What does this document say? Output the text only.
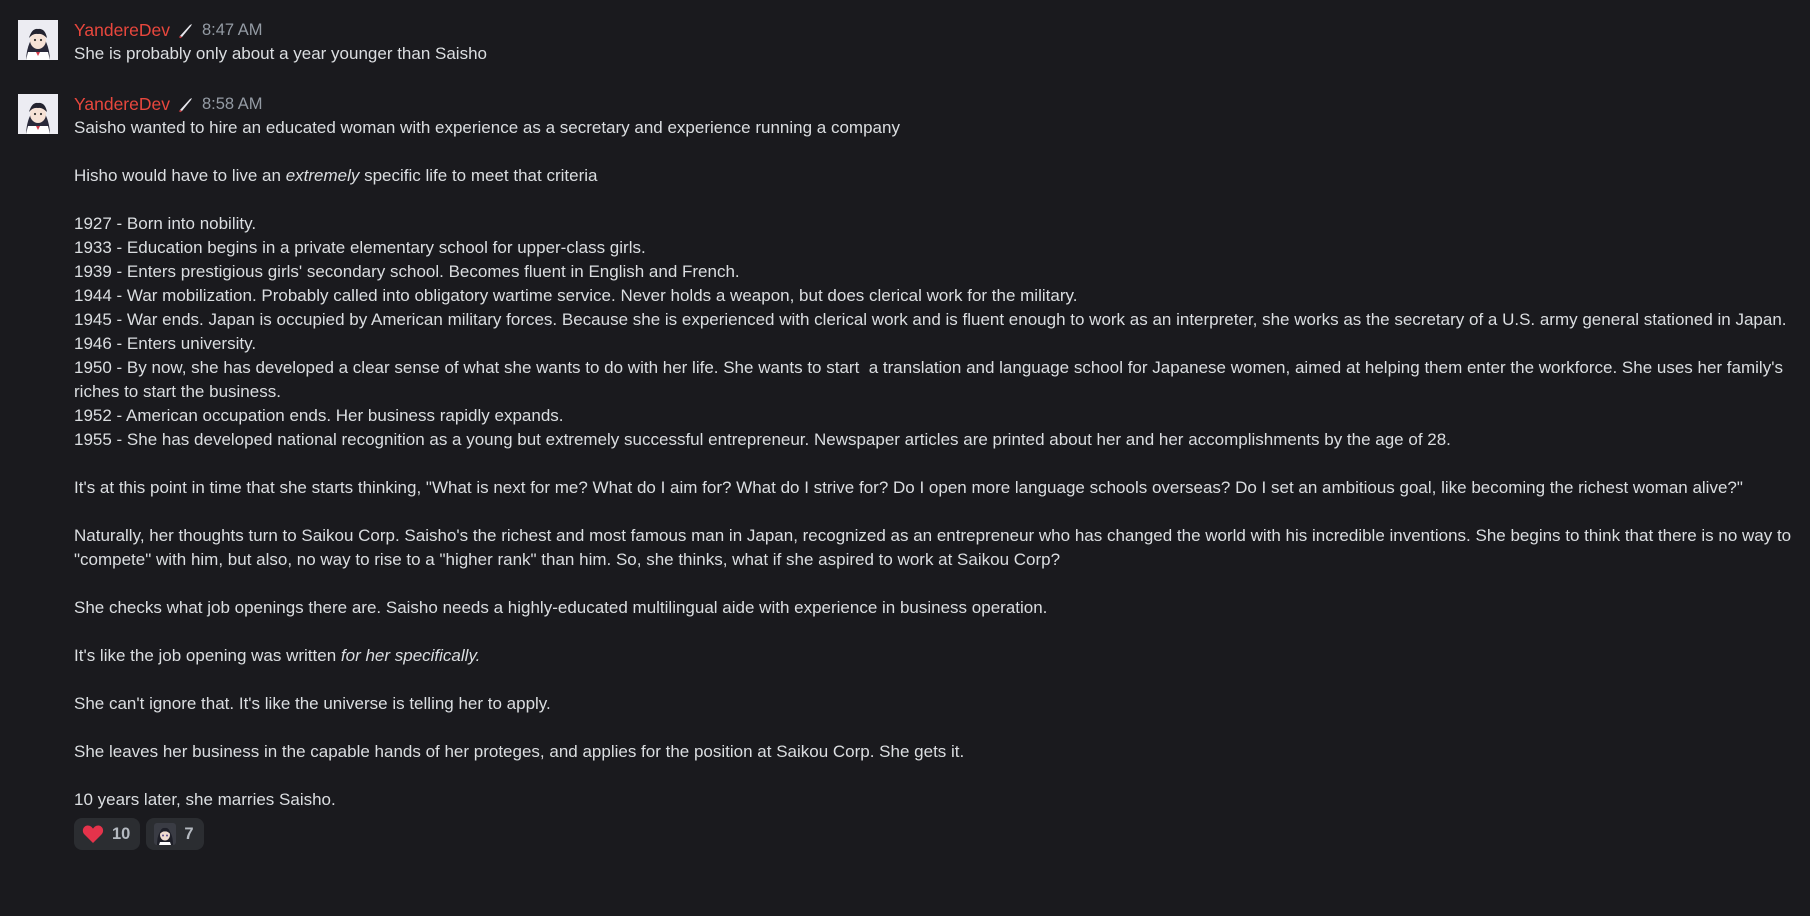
YandereDev 8:47 AM
She is probably only about a year younger than Saisho
YandereDev 8:58 AM
Saisho wanted to hire an educated woman with experience as a secretary and experience running a company
Hisho would have to live an extremely specific life to meet that criteria
1927 - Born into nobility.
1933 - Education begins in a private elementary school for upper-class girls.
1939 - Enters prestigious girls' secondary school. Becomes fluent in English and French.
1944 - War mobilization. Probably called into obligatory wartime service. Never holds a weapon, but does clerical work for the military.
1945 - War ends. Japan is occupied by American military forces. Because she is experienced with clerical work and is fluent enough to work as an interpreter, she works as the secretary of a U.S. army general stationed in Japan.
1946 - Enters university.
1950 - By now, she has developed a clear sense of what she wants to do with her life. She wants to start  a translation and language school for Japanese women, aimed at helping them enter the workforce. She uses her family's riches to start the business.
1952 - American occupation ends. Her business rapidly expands.
1955 - She has developed national recognition as a young but extremely successful entrepreneur. Newspaper articles are printed about her and her accomplishments by the age of 28.
It's at this point in time that she starts thinking, "What is next for me? What do I aim for? What do I strive for? Do I open more language schools overseas? Do I set an ambitious goal, like becoming the richest woman alive?"
Naturally, her thoughts turn to Saikou Corp. Saisho's the richest and most famous man in Japan, recognized as an entrepreneur who has changed the world with his incredible inventions. She begins to think that there is no way to "compete" with him, but also, no way to rise to a "higher rank" than him. So, she thinks, what if she aspired to work at Saikou Corp?
She checks what job openings there are. Saisho needs a highly-educated multilingual aide with experience in business operation.
It's like the job opening was written for her specifically.
She can't ignore that. It's like the universe is telling her to apply.
She leaves her business in the capable hands of her proteges, and applies for the position at Saikou Corp. She gets it.
10 years later, she marries Saisho.
10	7
